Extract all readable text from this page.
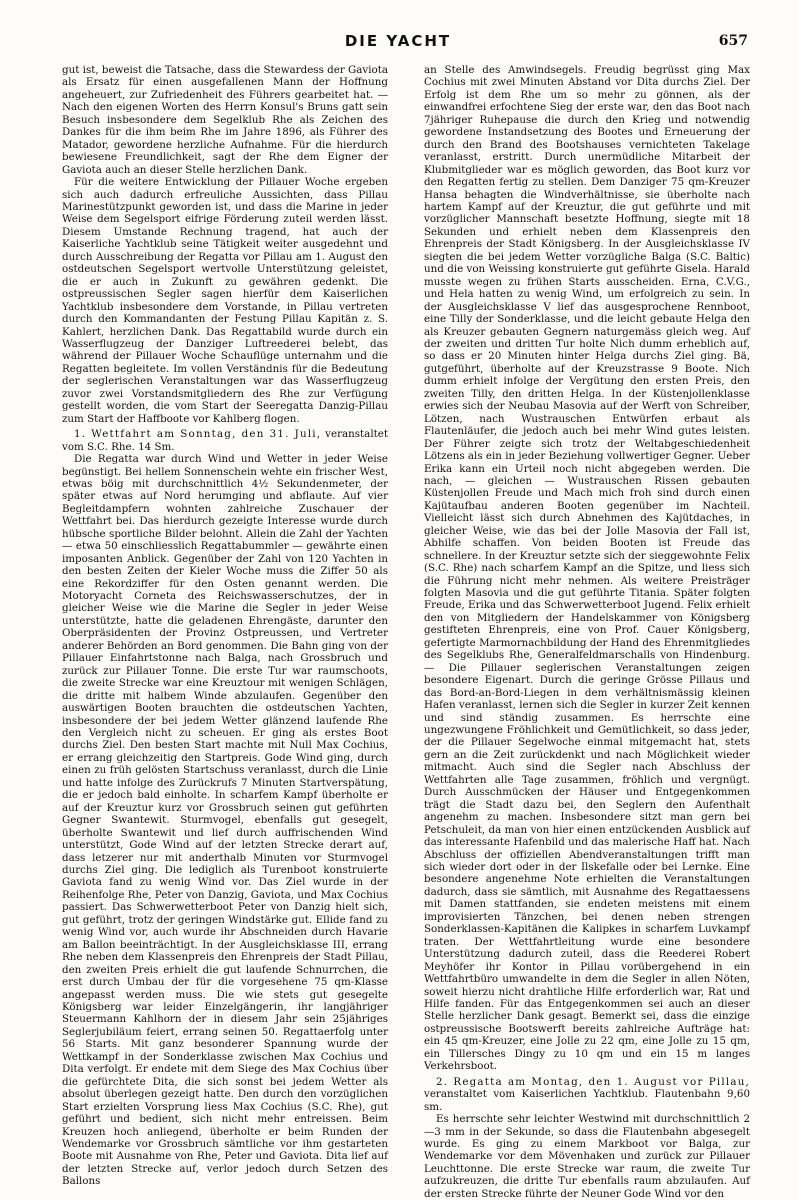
DIE YACHT	657

gut ist, beweist die Tatsache, dass die Stewardess der Gaviota als Ersatz für einen ausgefallenen Mann der Hoffnung angeheuert, zur Zufriedenheit des Führers gearbeitet hat. — Nach den eigenen Worten des Herrn Konsul's Bruns gatt sein Besuch insbesondere dem Segelklub Rhe als Zeichen des Dankes für die ihm beim Rhe im Jahre 1896, als Führer des Matador, gewordene herzliche Aufnahme. Für die hierdurch bewiesene Freundlichkeit, sagt der Rhe dem Eigner der Gaviota auch an dieser Stelle herzlichen Dank.

Für die weitere Entwicklung der Pillauer Woche ergeben sich auch dadurch erfreuliche Aussichten, dass Pillau Marinestützpunkt geworden ist, und dass die Marine in jeder Weise dem Segelsport eifrige Förderung zuteil werden lässt. Diesem Umstande Rechnung tragend, hat auch der Kaiserliche Yachtklub seine Tätigkeit weiter ausgedehnt und durch Ausschreibung der Regatta vor Pillau am 1. August den ostdeutschen Segelsport wertvolle Unterstützung geleistet, die er auch in Zukunft zu gewähren gedenkt. Die ostpreussischen Segler sagen hierfür dem Kaiserlichen Yachtklub insbesondere dem Vorstande, in Pillau vertreten durch den Kommandanten der Festung Pillau Kapitän z. S. Kahlert, herzlichen Dank. Das Regattabild wurde durch ein Wasserflugzeug der Danziger Luftreederei belebt, das während der Pillauer Woche Schauflüge unternahm und die Regatten begleitete. Im vollen Verständnis für die Bedeutung der seglerischen Veranstaltungen war das Wasserflugzeug zuvor zwei Vorstandsmitgliedern des Rhe zur Verfügung gestellt worden, die vom Start der Seeregatta Danzig-Pillau zum Start der Haffboote vor Kahlberg flogen.

1. Wettfahrt am Sonntag, den 31. Juli, veranstaltet vom S.C. Rhe. 14 Sm.

Die Regatta war durch Wind und Wetter in jeder Weise begünstigt. Bei hellem Sonnenschein wehte ein frischer West, etwas böig mit durchschnittlich 4½ Sekundenmeter, der später etwas auf Nord herumging und abflaute. Auf vier Begleitdampfern wohnten zahlreiche Zuschauer der Wettfahrt bei. Das hierdurch gezeigte Interesse wurde durch hübsche sportliche Bilder belohnt. Allein die Zahl der Yachten — etwa 50 einschliesslich Regattabummler — gewährte einen imposanten Anblick. Gegenüber der Zahl von 120 Yachten in den besten Zeiten der Kieler Woche muss die Ziffer 50 als eine Rekordziffer für den Osten genannt werden. Die Motoryacht Corneta des Reichswasserschutzes, der in gleicher Weise wie die Marine die Segler in jeder Weise unterstützte, hatte die geladenen Ehrengäste, darunter den Oberpräsidenten der Provinz Ostpreussen, und Vertreter anderer Behörden an Bord genommen. Die Bahn ging von der Pillauer Einfahrtstonne nach Balga, nach Grossbruch und zurück zur Pillauer Tonne. Die erste Tur war raumschoots, die zweite Strecke war eine Kreuztour mit wenigen Schlägen, die dritte mit halbem Winde abzulaufen. Gegenüber den auswärtigen Booten brauchten die ostdeutschen Yachten, insbesondere der bei jedem Wetter glänzend laufende Rhe den Vergleich nicht zu scheuen. Er ging als erstes Boot durchs Ziel. Den besten Start machte mit Null Max Cochius, er errang gleichzeitig den Startpreis. Gode Wind ging, durch einen zu früh gelösten Startschuss veranlasst, durch die Linie und hatte infolge des Zurückrufs 7 Minuten Startverspätung, die er jedoch bald einholte. In scharfem Kampf überholte er auf der Kreuztur kurz vor Grossbruch seinen gut geführten Gegner Swantewit. Sturmvogel, ebenfalls gut gesegelt, überholte Swantewit und lief durch auffrischenden Wind unterstützt, Gode Wind auf der letzten Strecke derart auf, dass letzerer nur mit anderthalb Minuten vor Sturmvogel durchs Ziel ging. Die lediglich als Turenboot konstruierte Gaviota fand zu wenig Wind vor. Das Ziel wurde in der Reihenfolge Rhe, Peter von Danzig, Gaviota, und Max Cochius passiert. Das Schwerwetterboot Peter von Danzig hielt sich, gut geführt, trotz der geringen Windstärke gut. Ellide fand zu wenig Wind vor, auch wurde ihr Abschneiden durch Havarie am Ballon beeinträchtigt. In der Ausgleichsklasse III, errang Rhe neben dem Klassenpreis den Ehrenpreis der Stadt Pillau, den zweiten Preis erhielt die gut laufende Schnurrchen, die erst durch Umbau der für die vorgesehene 75 qm-Klasse angepasst werden muss. Die wie stets gut gesegelte Königsberg war leider Einzelgängerin, ihr langjähriger Steuermann Kahlhorn der in diesem Jahr sein 25jähriges Seglerjubiläum feiert, errang seinen 50. Regattaerfolg unter 56 Starts. Mit ganz besonderer Spannung wurde der Wettkampf in der Sonderklasse zwischen Max Cochius und Dita verfolgt. Er endete mit dem Siege des Max Cochius über die gefürchtete Dita, die sich sonst bei jedem Wetter als absolut überlegen gezeigt hatte. Den durch den vorzüglichen Start erzielten Vorsprung liess Max Cochius (S.C. Rhe), gut geführt und bedient, sich nicht mehr entreissen. Beim Kreuzen hoch anliegend, überholte er beim Runden der Wendemarke vor Grossbruch sämtliche vor ihm gestarteten Boote mit Ausnahme von Rhe, Peter und Gaviota. Dita lief auf der letzten Strecke auf, verlor jedoch durch Setzen des Ballons

an Stelle des Amwindsegels. Freudig begrüsst ging Max Cochius mit zwei Minuten Abstand vor Dita durchs Ziel. Der Erfolg ist dem Rhe um so mehr zu gönnen, als der einwandfrei erfochtene Sieg der erste war, den das Boot nach 7jähriger Ruhepause die durch den Krieg und notwendig gewordene Instandsetzung des Bootes und Erneuerung der durch den Brand des Bootshauses vernichteten Takelage veranlasst, erstritt. Durch unermüdliche Mitarbeit der Klubmitglieder war es möglich geworden, das Boot kurz vor den Regatten fertig zu stellen. Dem Danziger 75 qm-Kreuzer Hansa behagten die Windverhältnisse, sie überholte nach hartem Kampf auf der Kreuztur, die gut geführte und mit vorzüglicher Mannschaft besetzte Hoffnung, siegte mit 18 Sekunden und erhielt neben dem Klassenpreis den Ehrenpreis der Stadt Königsberg. In der Ausgleichsklasse IV siegten die bei jedem Wetter vorzügliche Balga (S.C. Baltic) und die von Weissing konstruierte gut geführte Gisela. Harald musste wegen zu frühen Starts ausscheiden. Erna, C.V.G., und Hela hatten zu wenig Wind, um erfolgreich zu sein. In der Ausgleichsklasse V lief das ausgesprochene Rennboot, eine Tilly der Sonderklasse, und die leicht gebaute Helga den als Kreuzer gebauten Gegnern naturgemäss gleich weg. Auf der zweiten und dritten Tur holte Nich dumm erheblich auf, so dass er 20 Minuten hinter Helga durchs Ziel ging. Bä, gutgeführt, überholte auf der Kreuzstrasse 9 Boote. Nich dumm erhielt infolge der Vergütung den ersten Preis, den zweiten Tilly, den dritten Helga. In der Küstenjollenklasse erwies sich der Neubau Masovia auf der Werft von Schreiber, Lötzen, nach Wustrauschen Entwürfen erbaut als Flautenläufer, die jedoch auch bei mehr Wind gutes leisten. Der Führer zeigte sich trotz der Weltabgeschiedenheit Lötzens als ein in jeder Beziehung vollwertiger Gegner. Ueber Erika kann ein Urteil noch nicht abgegeben werden. Die nach, — gleichen — Wustrauschen Rissen gebauten Küstenjollen Freude und Mach mich froh sind durch einen Kajütaufbau anderen Booten gegenüber im Nachteil. Vielleicht lässt sich durch Abnehmen des Kajütdaches, in gleicher Weise, wie das bei der Jolle Masovia der Fall ist, Abhilfe schaffen. Von beiden Booten ist Freude das schnellere. In der Kreuztur setzte sich der sieggewohnte Felix (S.C. Rhe) nach scharfem Kampf an die Spitze, und liess sich die Führung nicht mehr nehmen. Als weitere Preisträger folgten Masovia und die gut geführte Titania. Später folgten Freude, Erika und das Schwerwetterboot Jugend. Felix erhielt den von Mitgliedern der Handelskammer von Königsberg gestifteten Ehrenpreis, eine von Prof. Cauer Königsberg, gefertigte Marmornachbildung der Hand des Ehrenmitgliedes des Segelklubs Rhe, Generalfeldmarschalls von Hindenburg. — Die Pillauer seglerischen Veranstaltungen zeigen besondere Eigenart. Durch die geringe Grösse Pillaus und das Bord-an-Bord-Liegen in dem verhältnismässig kleinen Hafen veranlasst, lernen sich die Segler in kurzer Zeit kennen und sind ständig zusammen. Es herrschte eine ungezwungene Fröhlichkeit und Gemütlichkeit, so dass jeder, der die Pillauer Segelwoche einmal mitgemacht hat, stets gern an die Zeit zurückdenkt und nach Möglichkeit wieder mitmacht. Auch sind die Segler nach Abschluss der Wettfahrten alle Tage zusammen, fröhlich und vergnügt. Durch Ausschmücken der Häuser und Entgegenkommen trägt die Stadt dazu bei, den Seglern den Aufenthalt angenehm zu machen. Insbesondere sitzt man gern bei Petschuleit, da man von hier einen entzückenden Ausblick auf das interessante Hafenbild und das malerische Haff hat. Nach Abschluss der offiziellen Abendveranstaltungen trifft man sich wieder dort oder in der Ilskefalle oder bei Lernke. Eine besondere angenehme Note erhielten die Veranstaltungen dadurch, dass sie sämtlich, mit Ausnahme des Regattaessens mit Damen stattfanden, sie endeten meistens mit einem improvisierten Tänzchen, bei denen neben strengen Sonderklassen-Kapitänen die Kalipkes in scharfem Luvkampf traten. Der Wettfahrtleitung wurde eine besondere Unterstützung dadurch zuteil, dass die Reederei Robert Meyhöfer ihr Kontor in Pillau vorübergehend in ein Wettfahrtbüro umwandelte in dem die Segler in allen Nöten, soweit hierzu nicht drahtliche Hilfe erforderlich war, Rat und Hilfe fanden. Für das Entgegenkommen sei auch an dieser Stelle herzlicher Dank gesagt. Bemerkt sei, dass die einzige ostpreussische Bootswerft bereits zahlreiche Aufträge hat: ein 45 qm-Kreuzer, eine Jolle zu 22 qm, eine Jolle zu 15 qm, ein Tillersches Dingy zu 10 qm und ein 15 m langes Verkehrsboot.

2. Regatta am Montag, den 1. August vor Pillau, veranstaltet vom Kaiserlichen Yachtklub. Flautenbahn 9,60 sm.

Es herrschte sehr leichter Westwind mit durchschnittlich 2—3 mm in der Sekunde, so dass die Flautenbahn abgesegelt wurde. Es ging zu einem Markboot vor Balga, zur Wendemarke vor dem Mövenhaken und zurück zur Pillauer Leuchttonne. Die erste Strecke war raum, die zweite Tur aufzukreuzen, die dritte Tur ebenfalls raum abzulaufen. Auf der ersten Strecke führte der Neuner Gode Wind vor den
